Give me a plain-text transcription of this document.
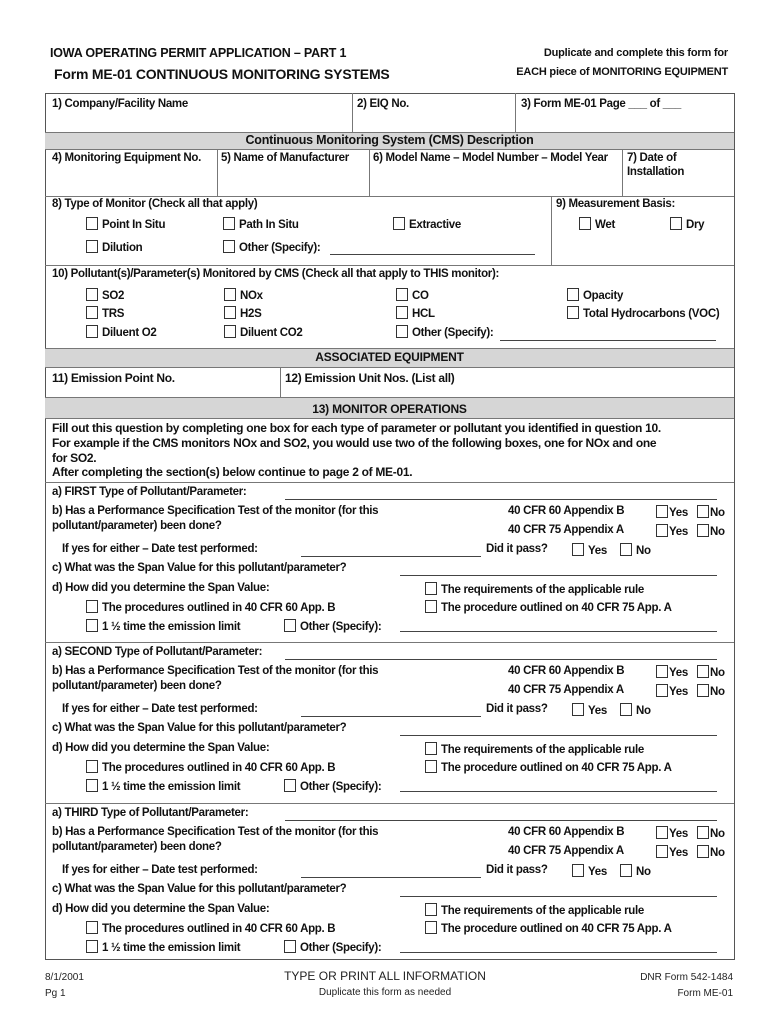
IOWA OPERATING PERMIT APPLICATION – PART 1
Form ME-01 CONTINUOUS MONITORING SYSTEMS
Duplicate and complete this form for
EACH piece of MONITORING EQUIPMENT
1) Company/Facility Name	2) EIQ No.	3) Form ME-01 Page ___ of ___
Continuous Monitoring System (CMS) Description
4) Monitoring Equipment No. 5) Name of Manufacturer 6) Model Name – Model Number – Model Year 7) Date of
Installation
8) Type of Monitor (Check all that apply)
Point In Situ	Path In Situ	Extractive
Dilution	Other (Specify):
9) Measurement Basis:
Wet	Dry
10) Pollutant(s)/Parameter(s) Monitored by CMS (Check all that apply to THIS monitor):
SO2	NOx	CO	Opacity
TRS	H2S	HCL	Total Hydrocarbons (VOC)
Diluent O2	Diluent CO2	Other (Specify):
ASSOCIATED EQUIPMENT
11) Emission Point No.	12) Emission Unit Nos. (List all)
13) MONITOR OPERATIONS
Fill out this question by completing one box for each type of parameter or pollutant you identified in question 10.
For example if the CMS monitors NOx and SO2, you would use two of the following boxes, one for NOx and one
for SO2.
After completing the section(s) below continue to page 2 of ME-01.
a) FIRST Type of Pollutant/Parameter:
b) Has a Performance Specification Test of the monitor (for this
pollutant/parameter) been done?
40 CFR 60 Appendix B	Yes	No
40 CFR 75 Appendix A	Yes	No
If yes for either – Date test performed:	Did it pass?	Yes	No
c) What was the Span Value for this pollutant/parameter?
d) How did you determine the Span Value:	The requirements of the applicable rule
The procedures outlined in 40 CFR 60 App. B	The procedure outlined on 40 CFR 75 App. A
1 ½ time the emission limit	Other (Specify):
a) SECOND Type of Pollutant/Parameter:
b) Has a Performance Specification Test of the monitor (for this
pollutant/parameter) been done?
40 CFR 60 Appendix B	Yes	No
40 CFR 75 Appendix A	Yes	No
If yes for either – Date test performed:	Did it pass?	Yes	No
c) What was the Span Value for this pollutant/parameter?
d) How did you determine the Span Value:	The requirements of the applicable rule
The procedures outlined in 40 CFR 60 App. B	The procedure outlined on 40 CFR 75 App. A
1 ½ time the emission limit	Other (Specify):
a) THIRD Type of Pollutant/Parameter:
b) Has a Performance Specification Test of the monitor (for this
pollutant/parameter) been done?
40 CFR 60 Appendix B	Yes	No
40 CFR 75 Appendix A	Yes	No
If yes for either – Date test performed:	Did it pass?	Yes	No
c) What was the Span Value for this pollutant/parameter?
d) How did you determine the Span Value:	The requirements of the applicable rule
The procedures outlined in 40 CFR 60 App. B	The procedure outlined on 40 CFR 75 App. A
1 ½ time the emission limit	Other (Specify):
8/1/2001
Pg 1
TYPE OR PRINT ALL INFORMATION
Duplicate this form as needed
DNR Form 542-1484
Form ME-01
